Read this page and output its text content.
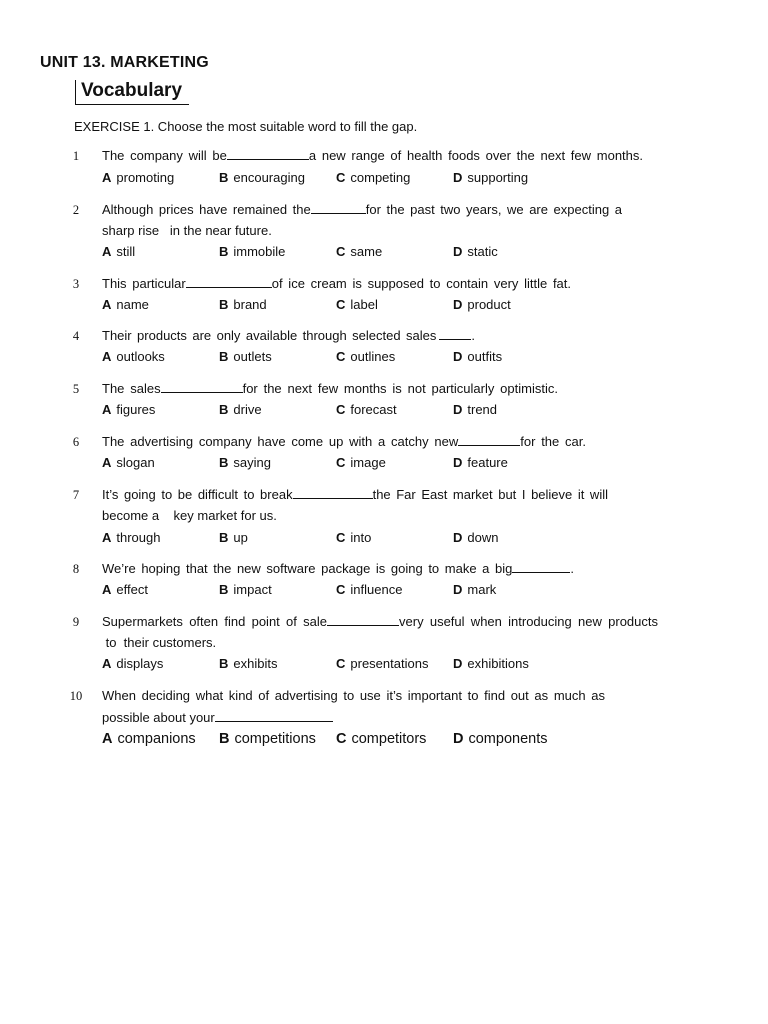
UNIT 13. MARKETING
Vocabulary
EXERCISE 1. Choose the most suitable word to fill the gap.
1	The company will be	a new range of health foods over the next few months.
A promoting	B encouraging C competing	D supporting
2	Although prices have remained the	for the past two years, we are expecting a
sharp rise   in the near future.
A still	B immobile	C same	D static
3	This particular	of ice cream is supposed to contain very little fat.
A name	B brand	C label	D product
4	Their products are only available through selected sales	.
A outlooks	B outlets	C outlines	D outfits
5	The sales	for the next few months is not particularly optimistic.
A figures	B drive	C forecast	D trend
6	The advertising company have come up with a catchy new	for the car.
A slogan	B saying	C image	D feature
7	It’s going to be difficult to break	the Far East market but I believe it will
become a    key market for us.
A through	B up	C into	D down
8	We’re hoping that the new software package is going to make a big	.
A effect	B impact	C influence	D mark
9	Supermarkets often find point of sale	very useful when introducing new products
to  their customers.
A displays	B exhibits	C presentations D exhibitions
10	When deciding what kind of advertising to use it’s important to find out as much as
possible about your
A companions B competitions C competitors D components
